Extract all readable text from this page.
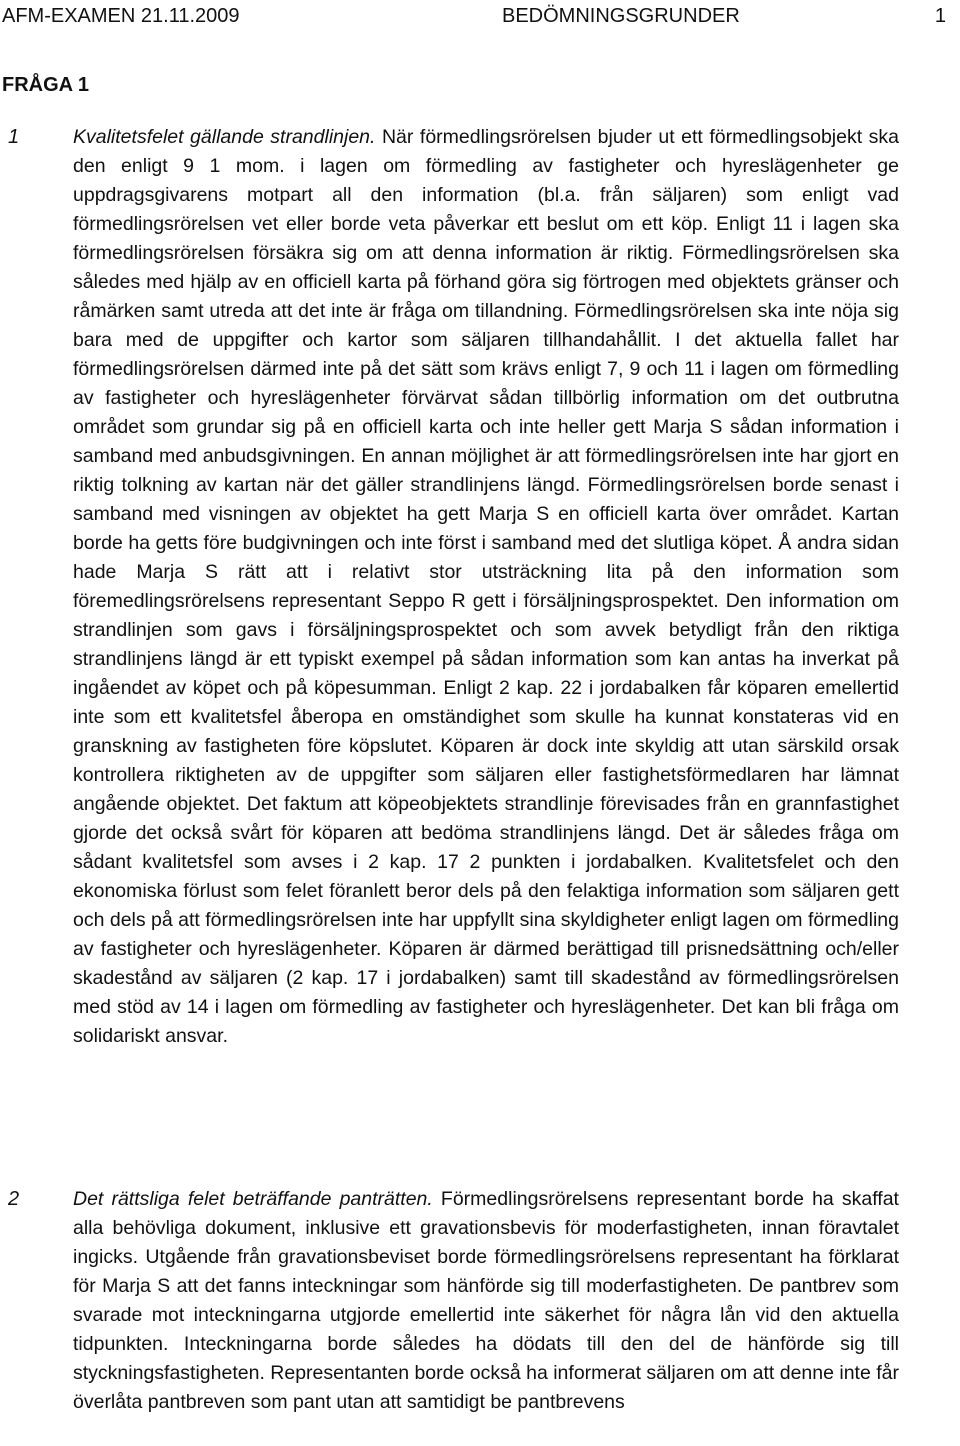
AFM-EXAMEN 21.11.2009	BEDÖMNINGSGRUNDER	1
FRÅGA 1
1	Kvalitetsfelet gällande strandlinjen. När förmedlingsrörelsen bjuder ut ett förmedlingsobjekt ska den enligt 9 1 mom. i lagen om förmedling av fastigheter och hyreslägenheter ge uppdragsgivarens motpart all den information (bl.a. från säljaren) som enligt vad förmedlingsrörelsen vet eller borde veta påverkar ett beslut om ett köp. Enligt 11 i lagen ska förmedlingsrörelsen försäkra sig om att denna information är riktig. Förmedlingsrörelsen ska således med hjälp av en officiell karta på förhand göra sig förtrogen med objektets gränser och råmärken samt utreda att det inte är fråga om tillandning. Förmedlingsrörelsen ska inte nöja sig bara med de uppgifter och kartor som säljaren tillhandahållit. I det aktuella fallet har förmedlingsrörelsen därmed inte på det sätt som krävs enligt 7, 9 och 11 i lagen om förmedling av fastigheter och hyreslägenheter förvärvat sådan tillbörlig information om det outbrutna området som grundar sig på en officiell karta och inte heller gett Marja S sådan information i samband med anbudsgivningen. En annan möjlighet är att förmedlingsrörelsen inte har gjort en riktig tolkning av kartan när det gäller strandlinjens längd. Förmedlingsrörelsen borde senast i samband med visningen av objektet ha gett Marja S en officiell karta över området. Kartan borde ha getts före budgivningen och inte först i samband med det slutliga köpet. Å andra sidan hade Marja S rätt att i relativt stor utsträckning lita på den information som föremedlingsrörelsens representant Seppo R gett i försäljningsprospektet. Den information om strandlinjen som gavs i försäljningsprospektet och som avvek betydligt från den riktiga strandlinjens längd är ett typiskt exempel på sådan information som kan antas ha inverkat på ingåendet av köpet och på köpesumman. Enligt 2 kap. 22 i jordabalken får köparen emellertid inte som ett kvalitetsfel åberopa en omständighet som skulle ha kunnat konstateras vid en granskning av fastigheten före köpslutet. Köparen är dock inte skyldig att utan särskild orsak kontrollera riktigheten av de uppgifter som säljaren eller fastighetsförmedlaren har lämnat angående objektet. Det faktum att köpeobjektets strandlinje förevisades från en grannfastighet gjorde det också svårt för köparen att bedöma strandlinjens längd. Det är således fråga om sådant kvalitetsfel som avses i 2 kap. 17 2 punkten i jordabalken. Kvalitetsfelet och den ekonomiska förlust som felet föranlett beror dels på den felaktiga information som säljaren gett och dels på att förmedlingsrörelsen inte har uppfyllt sina skyldigheter enligt lagen om förmedling av fastigheter och hyreslägenheter. Köparen är därmed berättigad till prisnedsättning och/eller skadestånd av säljaren (2 kap. 17 i jordabalken) samt till skadestånd av förmedlingsrörelsen med stöd av 14 i lagen om förmedling av fastigheter och hyreslägenheter. Det kan bli fråga om solidariskt ansvar.
2	Det rättsliga felet beträffande panträtten. Förmedlingsrörelsens representant borde ha skaffat alla behövliga dokument, inklusive ett gravationsbevis för moderfastigheten, innan föravtalet ingicks. Utgående från gravationsbeviset borde förmedlingsrörelsens representant ha förklarat för Marja S att det fanns inteckningar som hänförde sig till moderfastigheten. De pantbrev som svarade mot inteckningarna utgjorde emellertid inte säkerhet för några lån vid den aktuella tidpunkten. Inteckningarna borde således ha dödats till den del de hänförde sig till styckningsfastigheten. Representanten borde också ha informerat säljaren om att denne inte får överlåta pantbreven som pant utan att samtidigt be pantbrevens
